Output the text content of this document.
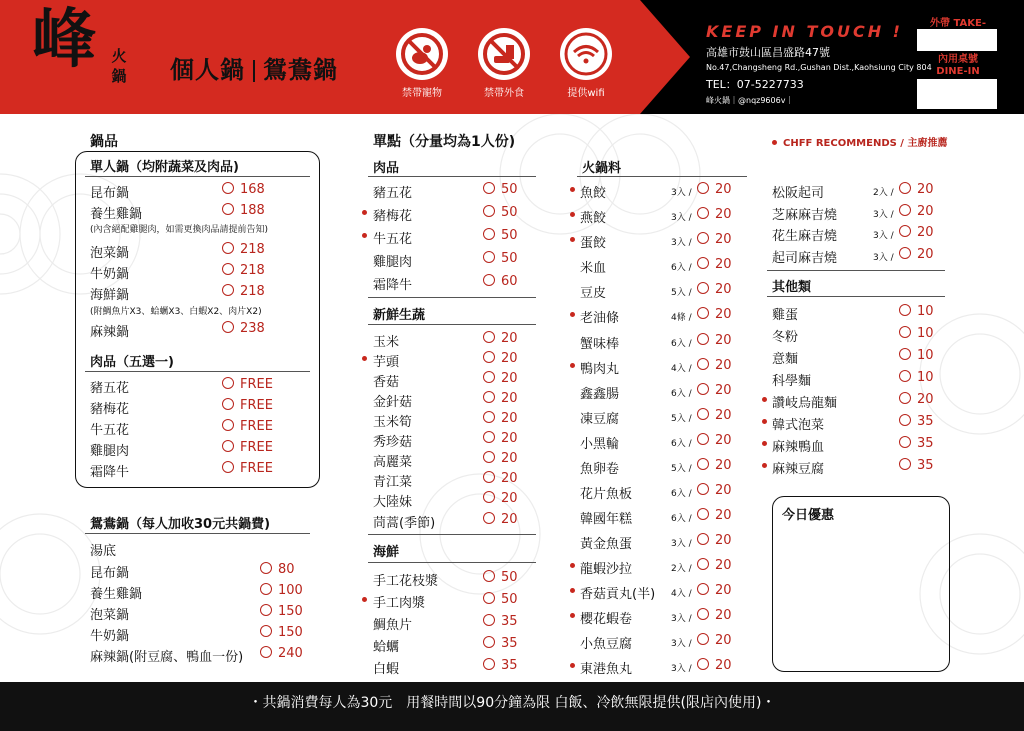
峰 火鍋 個人鍋 鴛鴦鍋
禁帶寵物	禁帶外食	提供wifi
KEEP IN TOUCH !
高雄市鼓山區昌盛路47號
No.47,Changsheng Rd.,Gushan Dist.,Kaohsiung City 804
TEL：07-5227733
峰火鍋｜@nqz9606v｜
外帶 TAKE-
內用桌號
DINE-IN
鍋品
單人鍋（均附蔬菜及肉品)
昆布鍋	168
養生雞鍋	188
(內含絕配雞腿肉，如需更換肉品請提前告知)
泡菜鍋	218
牛奶鍋	218
海鮮鍋	218
(附鯛魚片X3、蛤蠣X3、白蝦X2、肉片X2)
麻辣鍋	238
肉品（五選一)
豬五花	FREE
豬梅花	FREE
牛五花	FREE
雞腿肉	FREE
霜降牛	FREE
鴛鴦鍋（每人加收30元共鍋費)
湯底
昆布鍋	80
養生雞鍋	100
泡菜鍋	150
牛奶鍋	150
麻辣鍋(附豆腐、鴨血一份)	240
單點（分量均為1人份)
肉品
豬五花	50
豬梅花	50
牛五花	50
雞腿肉	50
霜降牛	60
新鮮生蔬
玉米	20
芋頭	20
香菇	20
金針菇	20
玉米筍	20
秀珍菇	20
高麗菜	20
青江菜	20
大陸妹	20
茼蒿(季節)	20
海鮮
手工花枝漿	50
手工肉漿	50
鯛魚片	35
蛤蠣	35
白蝦	35
火鍋料
魚餃	3入 /	20
燕餃	3入 /	20
蛋餃	3入 /	20
米血	6入 /	20
豆皮	5入 /	20
老油條	4條 /	20
蟹味棒	6入 /	20
鴨肉丸	4入 /	20
鑫鑫腸	6入 /	20
凍豆腐	5入 /	20
小黑輪	6入 /	20
魚卵卷	5入 /	20
花片魚板	6入 /	20
韓國年糕	6入 /	20
黃金魚蛋	3入 /	20
龍蝦沙拉	2入 /	20
香菇貢丸(半) 4入 /	20
櫻花蝦卷	3入 /	20
小魚豆腐	3入 /	20
東港魚丸	3入 /	20
CHFF RECOMMENDS / 主廚推薦
松阪起司	2入 /	20
芝麻麻吉燒	3入 /	20
花生麻吉燒	3入 /	20
起司麻吉燒	3入 /	20
其他類
雞蛋	10
冬粉	10
意麵	10
科學麵	10
讚岐烏龍麵	20
韓式泡菜	35
麻辣鴨血	35
麻辣豆腐	35
今日優惠
・共鍋消費每人為30元　用餐時間以90分鐘為限 白飯、冷飲無限提供(限店內使用)・
